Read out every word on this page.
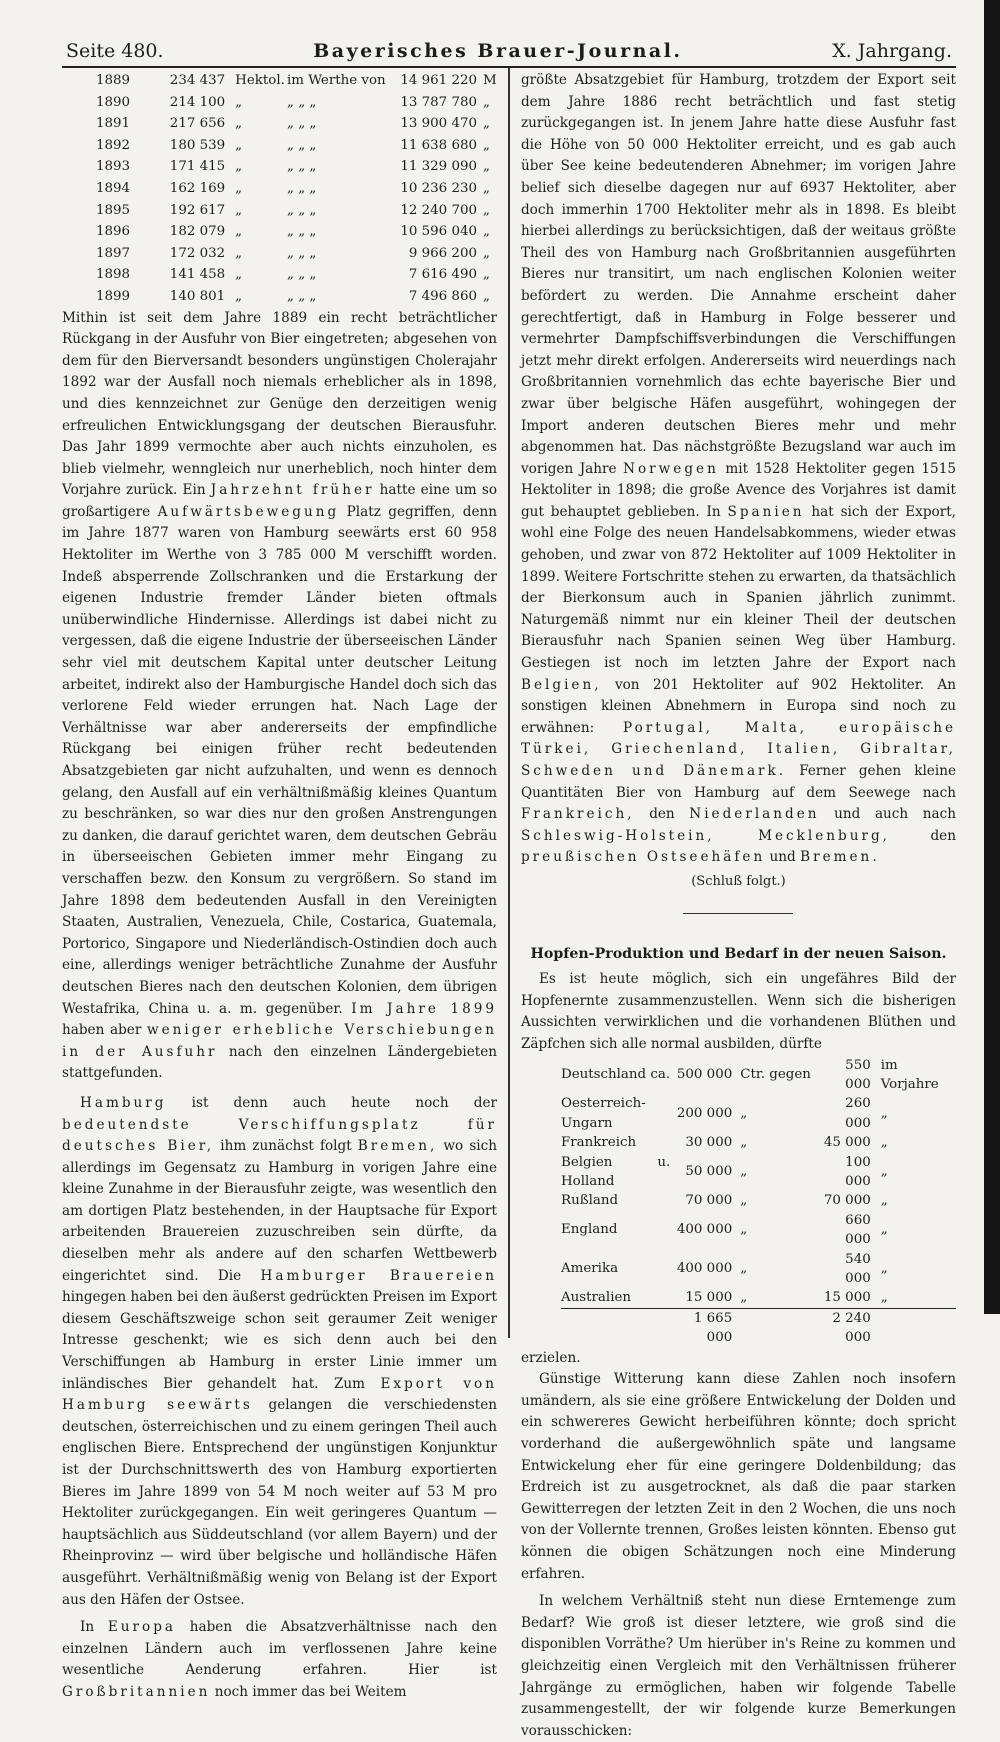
Seite 480.	Bayerisches Brauer-Journal.	X. Jahrgang.
1889	234 437	Hektol.	im Werthe von	14 961 220	M
1890	214 100	„	„ „ „	13 787 780	„
1891	217 656	„	„ „ „	13 900 470	„
1892	180 539	„	„ „ „	11 638 680	„
1893	171 415	„	„ „ „	11 329 090	„
1894	162 169	„	„ „ „	10 236 230	„
1895	192 617	„	„ „ „	12 240 700	„
1896	182 079	„	„ „ „	10 596 040	„
1897	172 032	„	„ „ „	9 966 200	„
1898	141 458	„	„ „ „	7 616 490	„
1899	140 801	„	„ „ „	7 496 860	„

Mithin ist seit dem Jahre 1889 ein recht beträchtlicher Rückgang in der Ausfuhr von Bier eingetreten; abgesehen von dem für den Bierversandt besonders ungünstigen Cholerajahr 1892 war der Ausfall noch niemals erheblicher als in 1898, und dies kennzeichnet zur Genüge den derzeitigen wenig erfreulichen Entwicklungsgang der deutschen Bierausfuhr. Das Jahr 1899 vermochte aber auch nichts einzuholen, es blieb vielmehr, wenngleich nur unerheblich, noch hinter dem Vorjahre zurück. Ein Jahrzehnt früher hatte eine um so großartigere Aufwärtsbewegung Platz gegriffen, denn im Jahre 1877 waren von Hamburg seewärts erst 60 958 Hektoliter im Werthe von 3 785 000 M verschifft worden. Indeß absperrende Zollschranken und die Erstarkung der eigenen Industrie fremder Länder bieten oftmals unüberwindliche Hindernisse. Allerdings ist dabei nicht zu vergessen, daß die eigene Industrie der überseeischen Länder sehr viel mit deutschem Kapital unter deutscher Leitung arbeitet, indirekt also der Hamburgische Handel doch sich das verlorene Feld wieder errungen hat. Nach Lage der Verhältnisse war aber andererseits der empfindliche Rückgang bei einigen früher recht bedeutenden Absatzgebieten gar nicht aufzuhalten, und wenn es dennoch gelang, den Ausfall auf ein verhältnißmäßig kleines Quantum zu beschränken, so war dies nur den großen Anstrengungen zu danken, die darauf gerichtet waren, dem deutschen Gebräu in überseeischen Gebieten immer mehr Eingang zu verschaffen bezw. den Konsum zu vergrößern. So stand im Jahre 1898 dem bedeutenden Ausfall in den Vereinigten Staaten, Australien, Venezuela, Chile, Costarica, Guatemala, Portorico, Singapore und Niederländisch-Ostindien doch auch eine, allerdings weniger beträchtliche Zunahme der Ausfuhr deutschen Bieres nach den deutschen Kolonien, dem übrigen Westafrika, China u. a. m. gegenüber. Im Jahre 1899 haben aber weniger erhebliche Verschiebungen in der Ausfuhr nach den einzelnen Ländergebieten stattgefunden.

Hamburg ist denn auch heute noch der bedeutendste Verschiffungsplatz für deutsches Bier, ihm zunächst folgt Bremen, wo sich allerdings im Gegensatz zu Hamburg in vorigen Jahre eine kleine Zunahme in der Bierausfuhr zeigte, was wesentlich den am dortigen Platz bestehenden, in der Hauptsache für Export arbeitenden Brauereien zuzuschreiben sein dürfte, da dieselben mehr als andere auf den scharfen Wettbewerb eingerichtet sind. Die Hamburger Brauereien hingegen haben bei den äußerst gedrückten Preisen im Export diesem Geschäftszweige schon seit geraumer Zeit weniger Intresse geschenkt; wie es sich denn auch bei den Verschiffungen ab Hamburg in erster Linie immer um inländisches Bier gehandelt hat. Zum Export von Hamburg seewärts gelangen die verschiedensten deutschen, österreichischen und zu einem geringen Theil auch englischen Biere. Entsprechend der ungünstigen Konjunktur ist der Durchschnittswerth des von Hamburg exportierten Bieres im Jahre 1899 von 54 M noch weiter auf 53 M pro Hektoliter zurückgegangen. Ein weit geringeres Quantum — hauptsächlich aus Süddeutschland (vor allem Bayern) und der Rheinprovinz — wird über belgische und holländische Häfen ausgeführt. Verhältnißmäßig wenig von Belang ist der Export aus den Häfen der Ostsee.

In Europa haben die Absatzverhältnisse nach den einzelnen Ländern auch im verflossenen Jahre keine wesentliche Aenderung erfahren. Hier ist Großbritannien noch immer das bei Weitem

größte Absatzgebiet für Hamburg, trotzdem der Export seit dem Jahre 1886 recht beträchtlich und fast stetig zurückgegangen ist. In jenem Jahre hatte diese Ausfuhr fast die Höhe von 50 000 Hektoliter erreicht, und es gab auch über See keine bedeutenderen Abnehmer; im vorigen Jahre belief sich dieselbe dagegen nur auf 6937 Hektoliter, aber doch immerhin 1700 Hektoliter mehr als in 1898. Es bleibt hierbei allerdings zu berücksichtigen, daß der weitaus größte Theil des von Hamburg nach Großbritannien ausgeführten Bieres nur transitirt, um nach englischen Kolonien weiter befördert zu werden. Die Annahme erscheint daher gerechtfertigt, daß in Hamburg in Folge besserer und vermehrter Dampfschiffsverbindungen die Verschiffungen jetzt mehr direkt erfolgen. Andererseits wird neuerdings nach Großbritannien vornehmlich das echte bayerische Bier und zwar über belgische Häfen ausgeführt, wohingegen der Import anderen deutschen Bieres mehr und mehr abgenommen hat. Das nächstgrößte Bezugsland war auch im vorigen Jahre Norwegen mit 1528 Hektoliter gegen 1515 Hektoliter in 1898; die große Avence des Vorjahres ist damit gut behauptet geblieben. In Spanien hat sich der Export, wohl eine Folge des neuen Handelsabkommens, wieder etwas gehoben, und zwar von 872 Hektoliter auf 1009 Hektoliter in 1899. Weitere Fortschritte stehen zu erwarten, da thatsächlich der Bierkonsum auch in Spanien jährlich zunimmt. Naturgemäß nimmt nur ein kleiner Theil der deutschen Bierausfuhr nach Spanien seinen Weg über Hamburg. Gestiegen ist noch im letzten Jahre der Export nach Belgien, von 201 Hektoliter auf 902 Hektoliter. An sonstigen kleinen Abnehmern in Europa sind noch zu erwähnen: Portugal, Malta, europäische Türkei, Griechenland, Italien, Gibraltar, Schweden und Dänemark. Ferner gehen kleine Quantitäten Bier von Hamburg auf dem Seewege nach Frankreich, den Niederlanden und auch nach Schleswig-Holstein, Mecklenburg,	den preußischen Ostseehäfen und Bremen.

(Schluß folgt.)
Hopfen-Produktion und Bedarf in der neuen Saison.

Es ist heute möglich, sich ein ungefähres Bild der Hopfenernte zusammenzustellen. Wenn sich die bisherigen Aussichten verwirklichen und die vorhandenen Blüthen und Zäpfchen sich alle normal ausbilden, dürfte

Deutschland ca.	500 000	Ctr. gegen	550 000	im Vorjahre
Oesterreich-Ungarn	200 000	„	260 000	„
Frankreich	30 000	„	45 000	„
Belgien u. Holland	50 000	„	100 000	„
Rußland	70 000	„	70 000	„
England	400 000	„	660 000	„
Amerika	400 000	„	540 000	„
Australien	15 000	„	15 000	„
	1 665 000		2 240 000	

erzielen.

Günstige Witterung kann diese Zahlen noch insofern umändern, als sie eine größere Entwickelung der Dolden und ein schwereres Gewicht herbeiführen könnte; doch spricht vorderhand die außergewöhnlich späte und langsame Entwickelung eher für eine geringere Doldenbildung; das Erdreich ist zu ausgetrocknet, als daß die paar starken Gewitterregen der letzten Zeit in den 2 Wochen, die uns noch von der Vollernte trennen, Großes leisten könnten. Ebenso gut können die obigen Schätzungen noch eine Minderung erfahren.

In welchem Verhältniß steht nun diese Erntemenge zum Bedarf? Wie groß ist dieser letztere, wie groß sind die disponiblen Vorräthe? Um hierüber in's Reine zu kommen und gleichzeitig einen Vergleich mit den Verhältnissen früherer Jahrgänge zu ermöglichen, haben wir folgende Tabelle zusammengestellt, der wir folgende kurze Bemerkungen vorausschicken:
